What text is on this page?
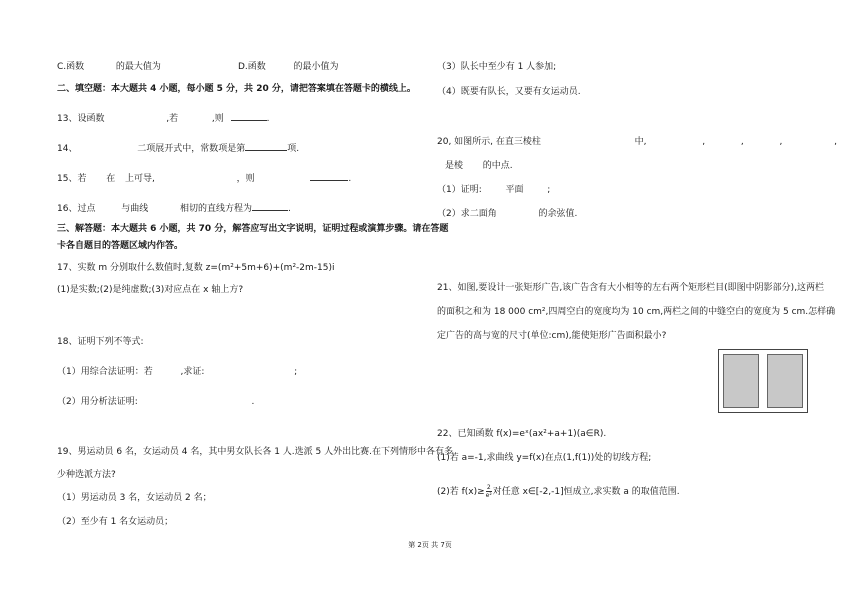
C.函数	的最大值为	D.函数	的最小值为
二、填空题：本大题共 4 小题，每小题 5 分，共 20 分，请把答案填在答题卡的横线上。
13、设函数	,若	,则	.
14、	二项展开式中，常数项是第	项.
15、若 在 上可导,	，则	.
16、过点	与曲线	相切的直线方程为	.
三、解答题：本大题共 6 小题，共 70 分，解答应写出文字说明，证明过程或演算步骤。请在答题
卡各自题目的答题区域内作答。
17、实数 m 分别取什么数值时,复数 z=(m²+5m+6)+(m²-2m-15)i
(1)是实数;(2)是纯虚数;(3)对应点在 x 轴上方?
18、证明下列不等式:
（1）用综合法证明：若	,求证:	;
（2）用分析法证明:	.
19、男运动员 6 名，女运动员 4 名，其中男女队长各 1 人.选派 5 人外出比赛.在下列情形中各有多
少种选派方法?
（1）男运动员 3 名，女运动员 2 名；
（2）至少有 1 名女运动员；
（3）队长中至少有 1 人参加;
（4）既要有队长，又要有女运动员.
20, 如图所示, 在直三棱柱	中,	,	,	,	,
是棱 的中点.
（1）证明:	平面	;
（2）求二面角	的余弦值.
21、如图,要设计一张矩形广告,该广告含有大小相等的左右两个矩形栏目(即图中阴影部分),这两栏
的面积之和为 18 000 cm²,四周空白的宽度均为 10 cm,两栏之间的中缝空白的宽度为 5 cm.怎样确
定广告的高与宽的尺寸(单位:cm),能使矩形广告面积最小?
22、已知函数 f(x)=eˣ(ax²+a+1)(a∈R).
(1)若 a=-1,求曲线 y=f(x)在点(1,f(1))处的切线方程;
(2)若 $f(x)\ge \frac{2}{\text{e²}}$ 对任意 x∈[-2,-1]恒成立,求实数 a 的取值范围.
第 2页 共 7页
